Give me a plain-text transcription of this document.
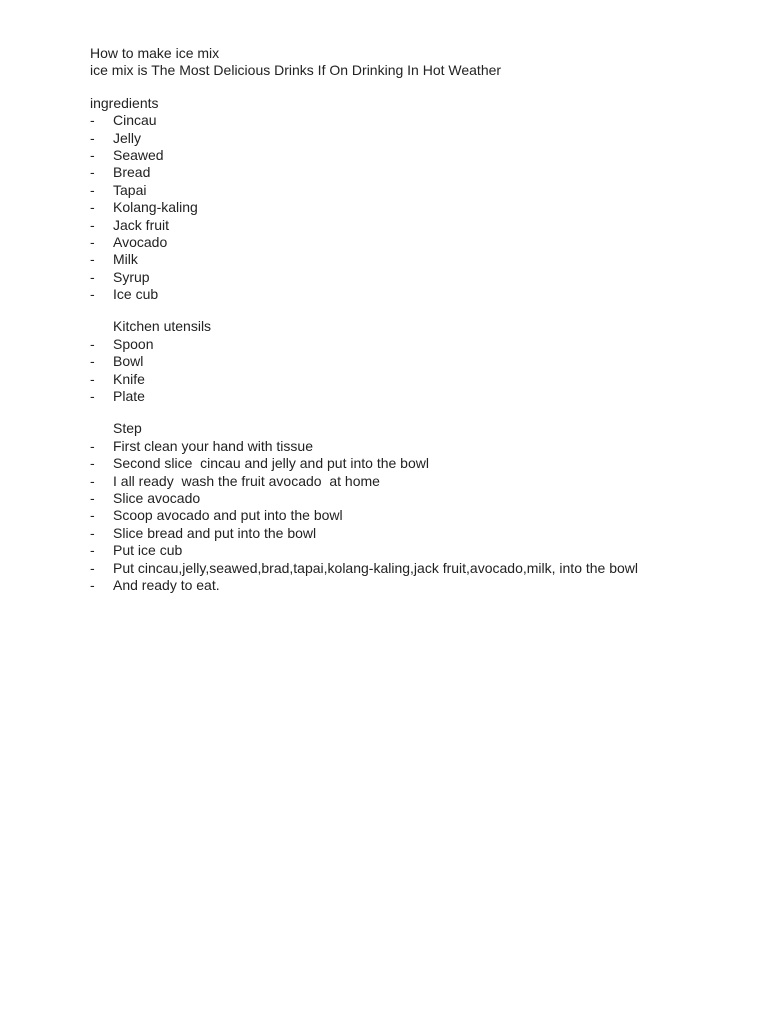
How to make ice mix
ice mix is The Most Delicious Drinks If On Drinking In Hot Weather
ingredients
- Cincau
- Jelly
- Seawed
- Bread
- Tapai
- Kolang-kaling
- Jack fruit
- Avocado
- Milk
- Syrup
- Ice cub
Kitchen utensils
- Spoon
- Bowl
- Knife
- Plate
Step
- First clean your hand with tissue
- Second slice  cincau and jelly and put into the bowl
- I all ready  wash the fruit avocado  at home
- Slice avocado
- Scoop avocado and put into the bowl
- Slice bread and put into the bowl
- Put ice cub
- Put cincau,jelly,seawed,brad,tapai,kolang-kaling,jack fruit,avocado,milk, into the bowl
- And ready to eat.
